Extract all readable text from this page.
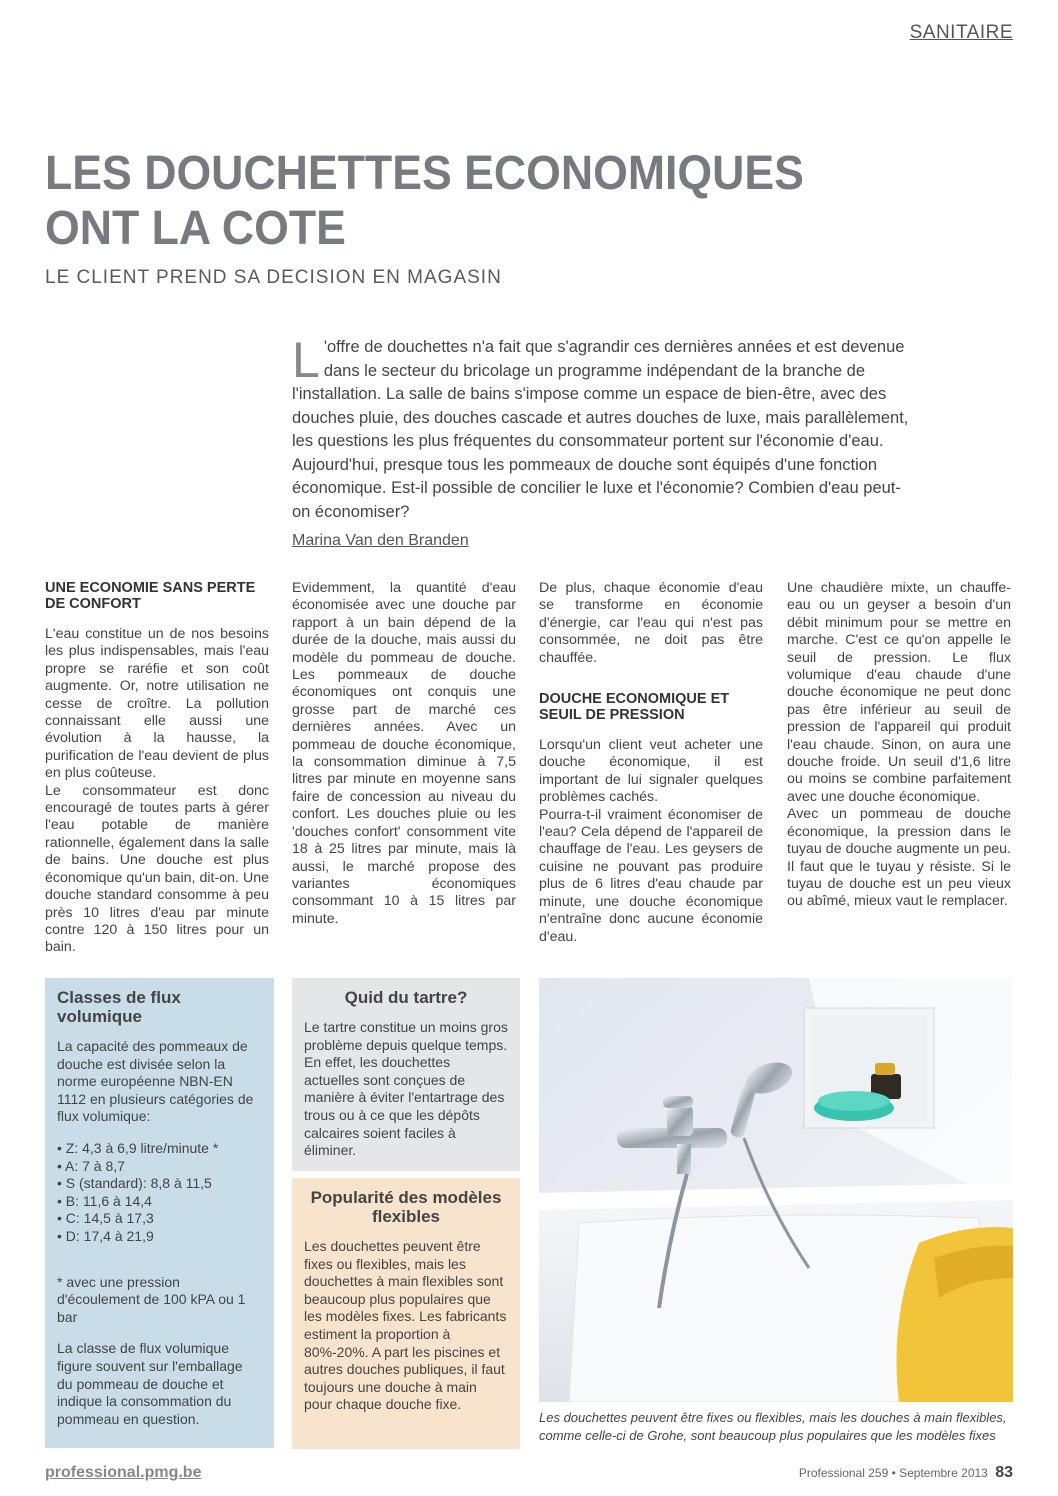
SANITAIRE
LES DOUCHETTES ECONOMIQUES
ONT LA COTE
LE CLIENT PREND SA DECISION EN MAGASIN

L 'offre de douchettes n'a fait que s'agrandir ces dernières années et est devenue dans le secteur du bricolage un programme indépendant de la branche de l'installation. La salle de bains s'impose comme un espace de bien-être, avec des douches pluie, des douches cascade et autres douches de luxe, mais parallèlement, les questions les plus fréquentes du consommateur portent sur l'économie d'eau. Aujourd'hui, presque tous les pommeaux de douche sont équipés d'une fonction économique. Est-il possible de concilier le luxe et l'économie? Combien d'eau peut-on économiser?

Marina Van den Branden
UNE ECONOMIE SANS PERTE DE CONFORT

L'eau constitue un de nos besoins les plus indispensables, mais l'eau propre se raréfie et son coût augmente. Or, notre utilisation ne cesse de croître. La pollution connaissant elle aussi une évolution à la hausse, la purification de l'eau devient de plus en plus coûteuse.

Le consommateur est donc encouragé de toutes parts à gérer l'eau potable de manière rationnelle, également dans la salle de bains. Une douche est plus économique qu'un bain, dit-on. Une douche standard consomme à peu près 10 litres d'eau par minute contre 120 à 150 litres pour un bain.

Evidemment, la quantité d'eau économisée avec une douche par rapport à un bain dépend de la durée de la douche, mais aussi du modèle du pommeau de douche. Les pommeaux de douche économiques ont conquis une grosse part de marché ces dernières années. Avec un pommeau de douche économique, la consommation diminue à 7,5 litres par minute en moyenne sans faire de concession au niveau du confort. Les douches pluie ou les 'douches confort' consomment vite 18 à 25 litres par minute, mais là aussi, le marché propose des variantes économiques consommant 10 à 15 litres par minute.

De plus, chaque économie d'eau se transforme en économie d'énergie, car l'eau qui n'est pas consommée, ne doit pas être chauffée.

DOUCHE ECONOMIQUE ET SEUIL DE PRESSION

Lorsqu'un client veut acheter une douche économique, il est important de lui signaler quelques problèmes cachés.

Pourra-t-il vraiment économiser de l'eau? Cela dépend de l'appareil de chauffage de l'eau. Les geysers de cuisine ne pouvant pas produire plus de 6 litres d'eau chaude par minute, une douche économique n'entraîne donc aucune économie d'eau.

Une chaudière mixte, un chauffe-eau ou un geyser a besoin d'un débit minimum pour se mettre en marche. C'est ce qu'on appelle le seuil de pression. Le flux volumique d'eau chaude d'une douche économique ne peut donc pas être inférieur au seuil de pression de l'appareil qui produit l'eau chaude. Sinon, on aura une douche froide. Un seuil d'1,6 litre ou moins se combine parfaitement avec une douche économique.

Avec un pommeau de douche économique, la pression dans le tuyau de douche augmente un peu. Il faut que le tuyau y résiste. Si le tuyau de douche est un peu vieux ou abîmé, mieux vaut le remplacer.

Classes de flux volumique

La capacité des pommeaux de douche est divisée selon la norme européenne NBN-EN 1112 en plusieurs catégories de flux volumique:

• Z: 4,3 à 6,9 litre/minute *
• A: 7 à 8,7
• S (standard): 8,8 à 11,5
• B: 11,6 à 14,4
• C: 14,5 à 17,3
• D: 17,4 à 21,9

* avec une pression d'écoulement de 100 kPA ou 1 bar

La classe de flux volumique figure souvent sur l'emballage du pommeau de douche et indique la consommation du pommeau en question.

Quid du tartre?

Le tartre constitue un moins gros problème depuis quelque temps. En effet, les douchettes actuelles sont conçues de manière à éviter l'entartrage des trous ou à ce que les dépôts calcaires soient faciles à éliminer.

Popularité des modèles flexibles

Les douchettes peuvent être fixes ou flexibles, mais les douchettes à main flexibles sont beaucoup plus populaires que les modèles fixes. Les fabricants estiment la proportion à 80%-20%. A part les piscines et autres douches publiques, il faut toujours une douche à main pour chaque douche fixe.

Les douchettes peuvent être fixes ou flexibles, mais les douches à main flexibles, comme celle-ci de Grohe, sont beaucoup plus populaires que les modèles fixes
professional.pmg.be	Professional 259 • Septembre 2013 83
